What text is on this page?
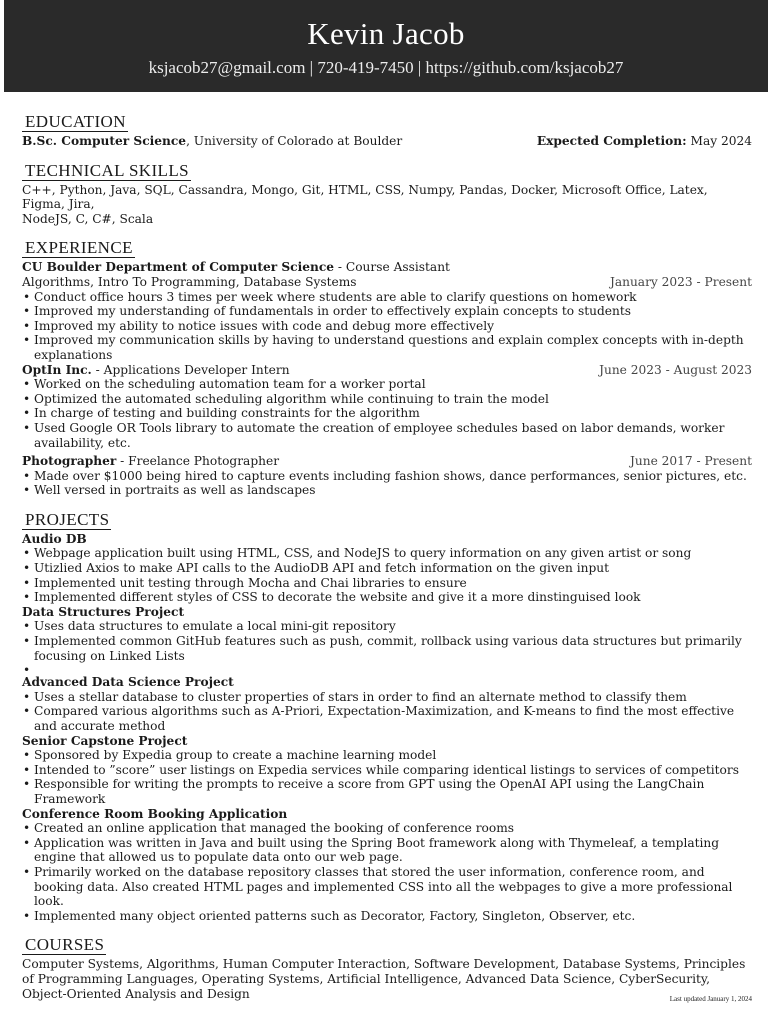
Kevin Jacob
ksjacob27@gmail.com | 720-419-7450 | https://github.com/ksjacob27
EDUCATION
B.Sc. Computer Science, University of Colorado at Boulder	Expected Completion: May 2024
TECHNICAL SKILLS
C++, Python, Java, SQL, Cassandra, Mongo, Git, HTML, CSS, Numpy, Pandas, Docker, Microsoft Office, Latex, Figma, Jira,
NodeJS, C, C#, Scala
EXPERIENCE
CU Boulder Department of Computer Science - Course Assistant
Algorithms, Intro To Programming, Database Systems	January 2023 - Present
• Conduct office hours 3 times per week where students are able to clarify questions on homework
• Improved my understanding of fundamentals in order to effectively explain concepts to students
• Improved my ability to notice issues with code and debug more effectively
• Improved my communication skills by having to understand questions and explain complex concepts with in-depth explanations
OptIn Inc. - Applications Developer Intern	June 2023 - August 2023
• Worked on the scheduling automation team for a worker portal
• Optimized the automated scheduling algorithm while continuing to train the model
• In charge of testing and building constraints for the algorithm
• Used Google OR Tools library to automate the creation of employee schedules based on labor demands, worker availability, etc.
Photographer - Freelance Photographer	June 2017 - Present
• Made over $1000 being hired to capture events including fashion shows, dance performances, senior pictures, etc.
• Well versed in portraits as well as landscapes
PROJECTS
Audio DB
• Webpage application built using HTML, CSS, and NodeJS to query information on any given artist or song
• Utizlied Axios to make API calls to the AudioDB API and fetch information on the given input
• Implemented unit testing through Mocha and Chai libraries to ensure
• Implemented different styles of CSS to decorate the website and give it a more dinstinguised look
Data Structures Project
• Uses data structures to emulate a local mini-git repository
• Implemented common GitHub features such as push, commit, rollback using various data structures but primarily focusing on Linked Lists
•
Advanced Data Science Project
• Uses a stellar database to cluster properties of stars in order to find an alternate method to classify them
• Compared various algorithms such as A-Priori, Expectation-Maximization, and K-means to find the most effective and accurate method
Senior Capstone Project
• Sponsored by Expedia group to create a machine learning model
• Intended to ”score” user listings on Expedia services while comparing identical listings to services of competitors
• Responsible for writing the prompts to receive a score from GPT using the OpenAI API using the LangChain Framework
Conference Room Booking Application
• Created an online application that managed the booking of conference rooms
• Application was written in Java and built using the Spring Boot framework along with Thymeleaf, a templating engine that allowed us to populate data onto our web page.
• Primarily worked on the database repository classes that stored the user information, conference room, and booking data. Also created HTML pages and implemented CSS into all the webpages to give a more professional look.
• Implemented many object oriented patterns such as Decorator, Factory, Singleton, Observer, etc.
COURSES
Computer Systems, Algorithms, Human Computer Interaction, Software Development, Database Systems, Principles of Programming Languages, Operating Systems, Artificial Intelligence, Advanced Data Science, CyberSecurity, Object-Oriented Analysis and Design	Last updated January 1, 2024
